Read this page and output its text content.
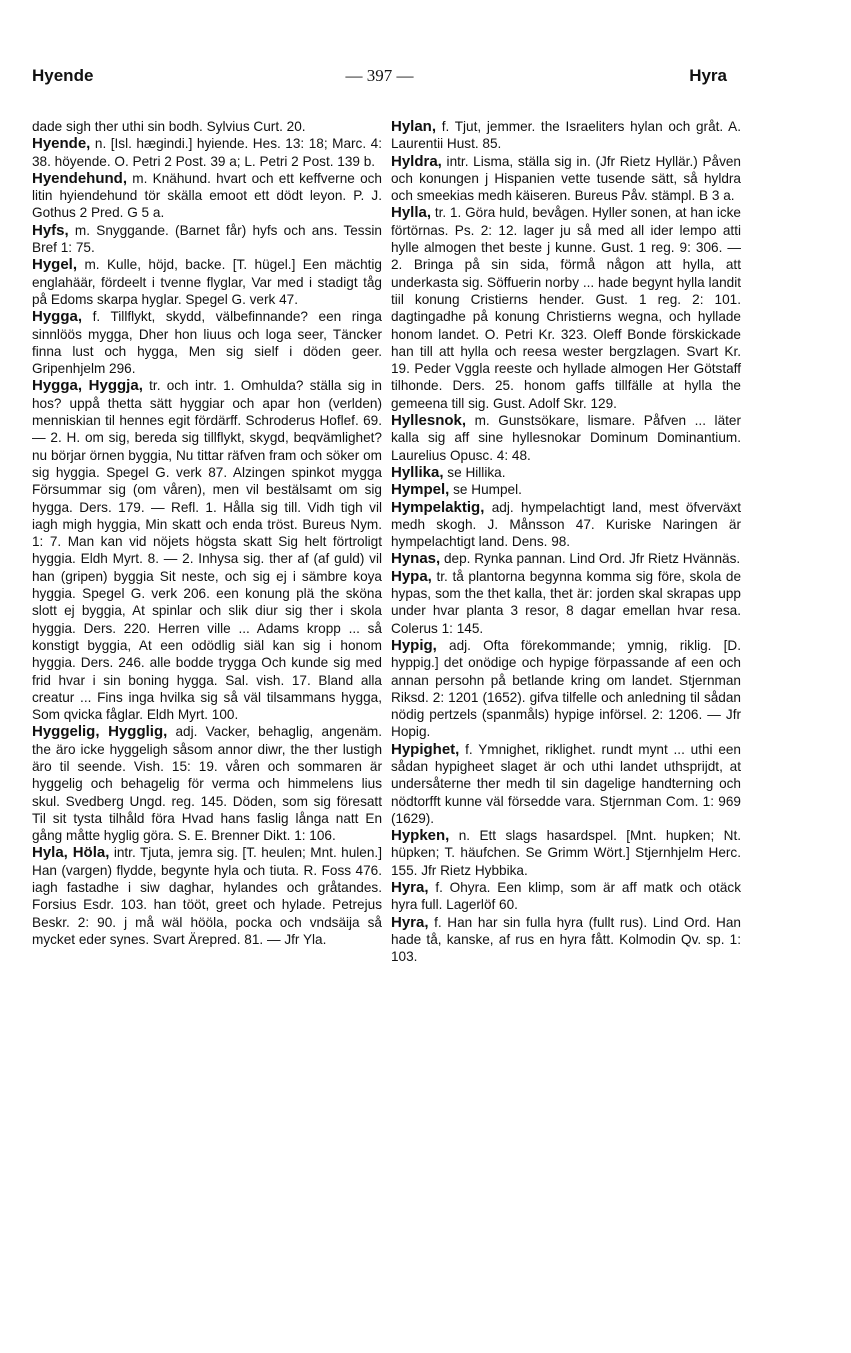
Hyende	— 397 —	Hyra

dade sigh ther uthi sin bodh. Sylvius Curt. 20.

Hyende, n. [Isl. hægindi.] hyiende. Hes. 13: 18; Marc. 4: 38. höyende. O. Petri 2 Post. 39 a; L. Petri 2 Post. 139 b.

Hyendehund, m. Knähund. hvart och ett keffverne och litin hyiendehund tör skälla emoot ett dödt leyon. P. J. Gothus 2 Pred. G 5 a.

Hyfs, m. Snyggande. (Barnet får) hyfs och ans. Tessin Bref 1: 75.

Hygel, m. Kulle, höjd, backe. [T. hügel.] Een mächtig englahäär, fördeelt i tvenne flyglar, Var med i stadigt tåg på Edoms skarpa hyglar. Spegel G. verk 47.

Hygga, f. Tillflykt, skydd, välbefinnande? een ringa sinnlöös mygga, Dher hon liuus och loga seer, Täncker finna lust och hygga, Men sig sielf i döden geer. Gripenhjelm 296.

Hygga, Hyggja, tr. och intr. 1. Omhulda? ställa sig in hos? uppå thetta sätt hyggiar och apar hon (verlden) menniskian til hennes egit fördärff. Schroderus Hoflef. 69. — 2. H. om sig, bereda sig tillflykt, skygd, beqvämlighet? nu börjar örnen byggia, Nu tittar räfven fram och söker om sig hyggia. Spegel G. verk 87. Alzingen spinkot mygga Försummar sig (om våren), men vil bestälsamt om sig hygga. Ders. 179. — Refl. 1. Hålla sig till. Vidh tigh vil iagh migh hyggia, Min skatt och enda tröst. Bureus Nym. 1: 7. Man kan vid nöjets högsta skatt Sig helt förtroligt hyggia. Eldh Myrt. 8. — 2. Inhysa sig. ther af (af guld) vil han (gripen) byggia Sit neste, och sig ej i sämbre koya hyggia. Spegel G. verk 206. een konung plä the sköna slott ej byggia, At spinlar och slik diur sig ther i skola hyggia. Ders. 220. Herren ville ... Adams kropp ... så konstigt byggia, At een odödlig siäl kan sig i honom hyggia. Ders. 246. alle bodde trygga Och kunde sig med frid hvar i sin boning hygga. Sal. vish. 17. Bland alla creatur ... Fins inga hvilka sig så väl tilsammans hygga, Som qvicka fåglar. Eldh Myrt. 100.

Hyggelig, Hygglig, adj. Vacker, behaglig, angenäm. the äro icke hyggeligh såsom annor diwr, the ther lustigh äro til seende. Vish. 15: 19. våren och sommaren är hyggelig och behagelig för verma och himmelens lius skul. Svedberg Ungd. reg. 145. Döden, som sig föresatt Til sit tysta tilhåld föra Hvad hans faslig långa natt En gång måtte hyglig göra. S. E. Brenner Dikt. 1: 106.

Hyla, Höla, intr. Tjuta, jemra sig. [T. heulen; Mnt. hulen.] Han (vargen) flydde, begynte hyla och tiuta. R. Foss 476. iagh fastadhe i siw daghar, hylandes och gråtandes. Forsius Esdr. 103. han tööt, greet och hylade. Petrejus Beskr. 2: 90. j må wäl hööla, pocka och vndsäija så mycket eder synes. Svart Ärepred. 81. — Jfr Yla.

Hylan, f. Tjut, jemmer. the Israeliters hylan och gråt. A. Laurentii Hust. 85.

Hyldra, intr. Lisma, ställa sig in. (Jfr Rietz Hyllär.) Påven och konungen j Hispanien vette tusende sätt, så hyldra och smeekias medh käiseren. Bureus Påv. stämpl. B 3 a.

Hylla, tr. 1. Göra huld, bevågen. Hyller sonen, at han icke förtörnas. Ps. 2: 12. lager ju så med all ider lempo atti hylle almogen thet beste j kunne. Gust. 1 reg. 9: 306. — 2. Bringa på sin sida, förmå någon att hylla, att underkasta sig. Söffuerin norby ... hade begynt hylla landit tiil konung Cristierns hender. Gust. 1 reg. 2: 101. dagtingadhe på konung Christierns wegna, och hyllade honom landet. O. Petri Kr. 323. Oleff Bonde förskickade han till att hylla och reesa wester bergzlagen. Svart Kr. 19. Peder Vggla reeste och hyllade almogen Her Götstaff tilhonde. Ders. 25. honom gaffs tillfälle at hylla the gemeena till sig. Gust. Adolf Skr. 129.

Hyllesnok, m. Gunstsökare, lismare. Påfven ... läter kalla sig aff sine hyllesnokar Dominum Dominantium. Laurelius Opusc. 4: 48.

Hyllika, se Hillika.

Hympel, se Humpel.

Hympelaktig, adj. hympelachtigt land, mest öfverväxt medh skogh. J. Månsson 47. Kuriske Naringen är hympelachtigt land. Dens. 98.

Hynas, dep. Rynka pannan. Lind Ord. Jfr Rietz Hvännäs.

Hypa, tr. tå plantorna begynna komma sig före, skola de hypas, som the thet kalla, thet är: jorden skal skrapas upp under hvar planta 3 resor, 8 dagar emellan hvar resa. Colerus 1: 145.

Hypig, adj. Ofta förekommande; ymnig, riklig. [D. hyppig.] det onödige och hypige förpassande af een och annan persohn på betlande kring om landet. Stjernman Riksd. 2: 1201 (1652). gifva tilfelle och anledning til sådan nödig pertzels (spanmåls) hypige införsel. 2: 1206. — Jfr Hopig.

Hypighet, f. Ymnighet, riklighet. rundt mynt ... uthi een sådan hypigheet slaget är och uthi landet uthsprijdt, at undersåterne ther medh til sin dagelige handterning och nödtorfft kunne väl försedde vara. Stjernman Com. 1: 969 (1629).

Hypken, n. Ett slags hasardspel. [Mnt. hupken; Nt. hüpken; T. häufchen. Se Grimm Wört.] Stjernhjelm Herc. 155. Jfr Rietz Hybbika.

Hyra, f. Ohyra. Een klimp, som är aff matk och otäck hyra full. Lagerlöf 60.

Hyra, f. Han har sin fulla hyra (fullt rus). Lind Ord. Han hade tå, kanske, af rus en hyra fått. Kolmodin Qv. sp. 1: 103.
